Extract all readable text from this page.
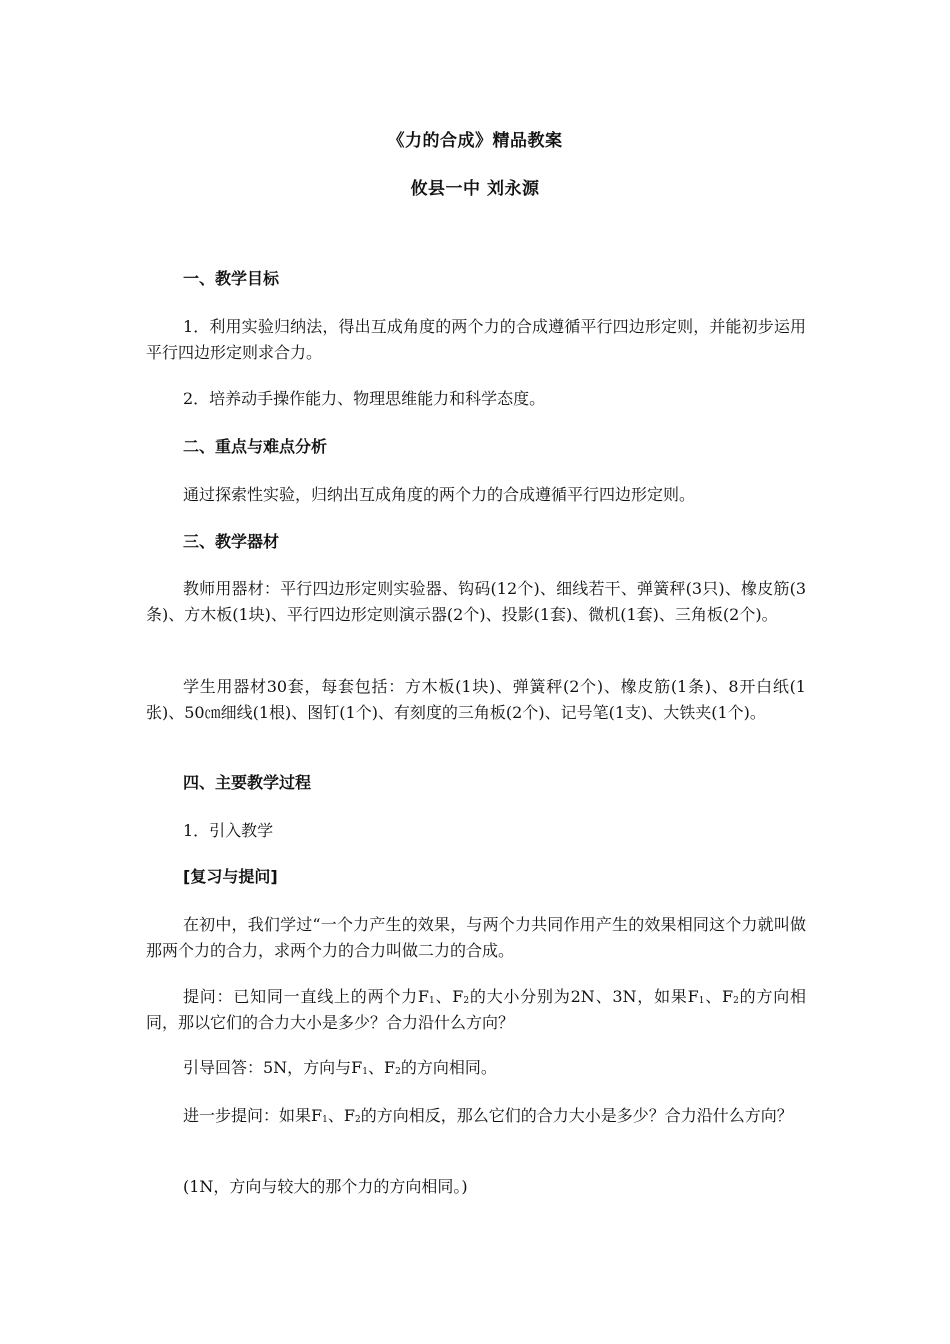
《力的合成》精品教案
攸县一中 刘永源
一、教学目标
1．利用实验归纳法，得出互成角度的两个力的合成遵循平行四边形定则，并能初步运用平行四边形定则求合力。
2．培养动手操作能力、物理思维能力和科学态度。
二、重点与难点分析
通过探索性实验，归纳出互成角度的两个力的合成遵循平行四边形定则。
三、教学器材
教师用器材：平行四边形定则实验器、钩码(12个)、细线若干、弹簧秤(3只)、橡皮筋(3条)、方木板(1块)、平行四边形定则演示器(2个)、投影(1套)、微机(1套)、三角板(2个)。
学生用器材30套，每套包括：方木板(1块)、弹簧秤(2个)、橡皮筋(1条)、8开白纸(1张)、50㎝细线(1根)、图钉(1个)、有刻度的三角板(2个)、记号笔(1支)、大铁夹(1个)。
四、主要教学过程
1．引入教学
[复习与提问]
在初中，我们学过“一个力产生的效果，与两个力共同作用产生的效果相同这个力就叫做那两个力的合力，求两个力的合力叫做二力的合成。
提问：已知同一直线上的两个力$F_1$、$F_2$的大小分别为2N、3N，如果$F_1$、$F_2$的方向相同，那以它们的合力大小是多少？合力沿什么方向？
引导回答：5N，方向与$F_1$、$F_2$的方向相同。
进一步提问：如果$F_1$、$F_2$的方向相反，那么它们的合力大小是多少？合力沿什么方向？
(1N，方向与较大的那个力的方向相同。)
